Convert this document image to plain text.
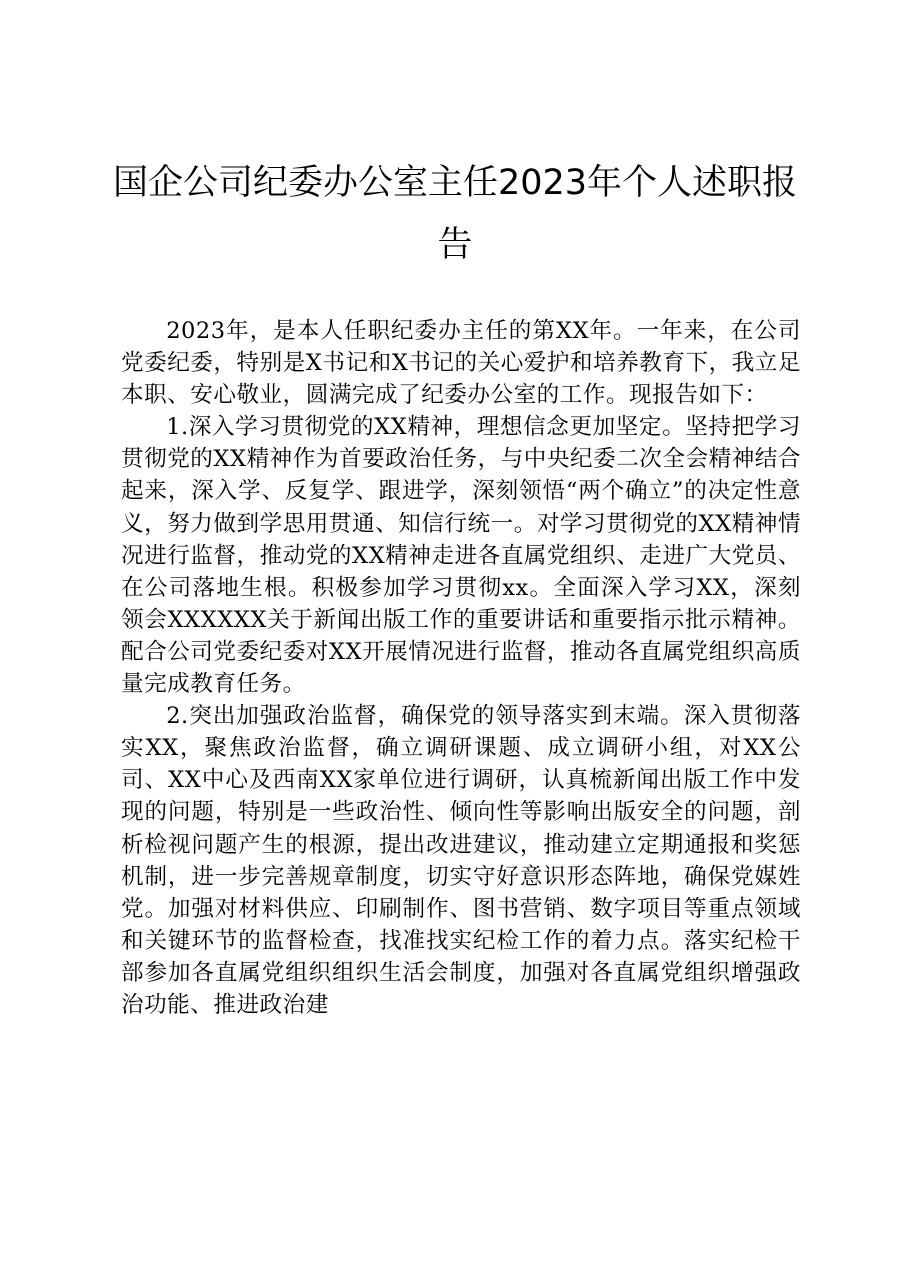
国企公司纪委办公室主任2023年个人述职报告

2023年，是本人任职纪委办主任的第XX年。一年来，在公司党委纪委，特别是X书记和X书记的关心爱护和培养教育下，我立足本职、安心敬业，圆满完成了纪委办公室的工作。现报告如下：

1.深入学习贯彻党的XX精神，理想信念更加坚定。坚持把学习贯彻党的XX精神作为首要政治任务，与中央纪委二次全会精神结合起来，深入学、反复学、跟进学，深刻领悟“两个确立”的决定性意义，努力做到学思用贯通、知信行统一。对学习贯彻党的XX精神情况进行监督，推动党的XX精神走进各直属党组织、走进广大党员、在公司落地生根。积极参加学习贯彻xx。全面深入学习XX，深刻领会XXXXXX关于新闻出版工作的重要讲话和重要指示批示精神。配合公司党委纪委对XX开展情况进行监督，推动各直属党组织高质量完成教育任务。

2.突出加强政治监督，确保党的领导落实到末端。深入贯彻落实XX，聚焦政治监督，确立调研课题、成立调研小组，对XX公司、XX中心及西南XX家单位进行调研，认真梳新闻出版工作中发现的问题，特别是一些政治性、倾向性等影响出版安全的问题，剖析检视问题产生的根源，提出改进建议，推动建立定期通报和奖惩机制，进一步完善规章制度，切实守好意识形态阵地，确保党媒姓党。加强对材料供应、印刷制作、图书营销、数字项目等重点领域和关键环节的监督检查，找准找实纪检工作的着力点。落实纪检干部参加各直属党组织组织生活会制度，加强对各直属党组织增强政治功能、推进政治建
